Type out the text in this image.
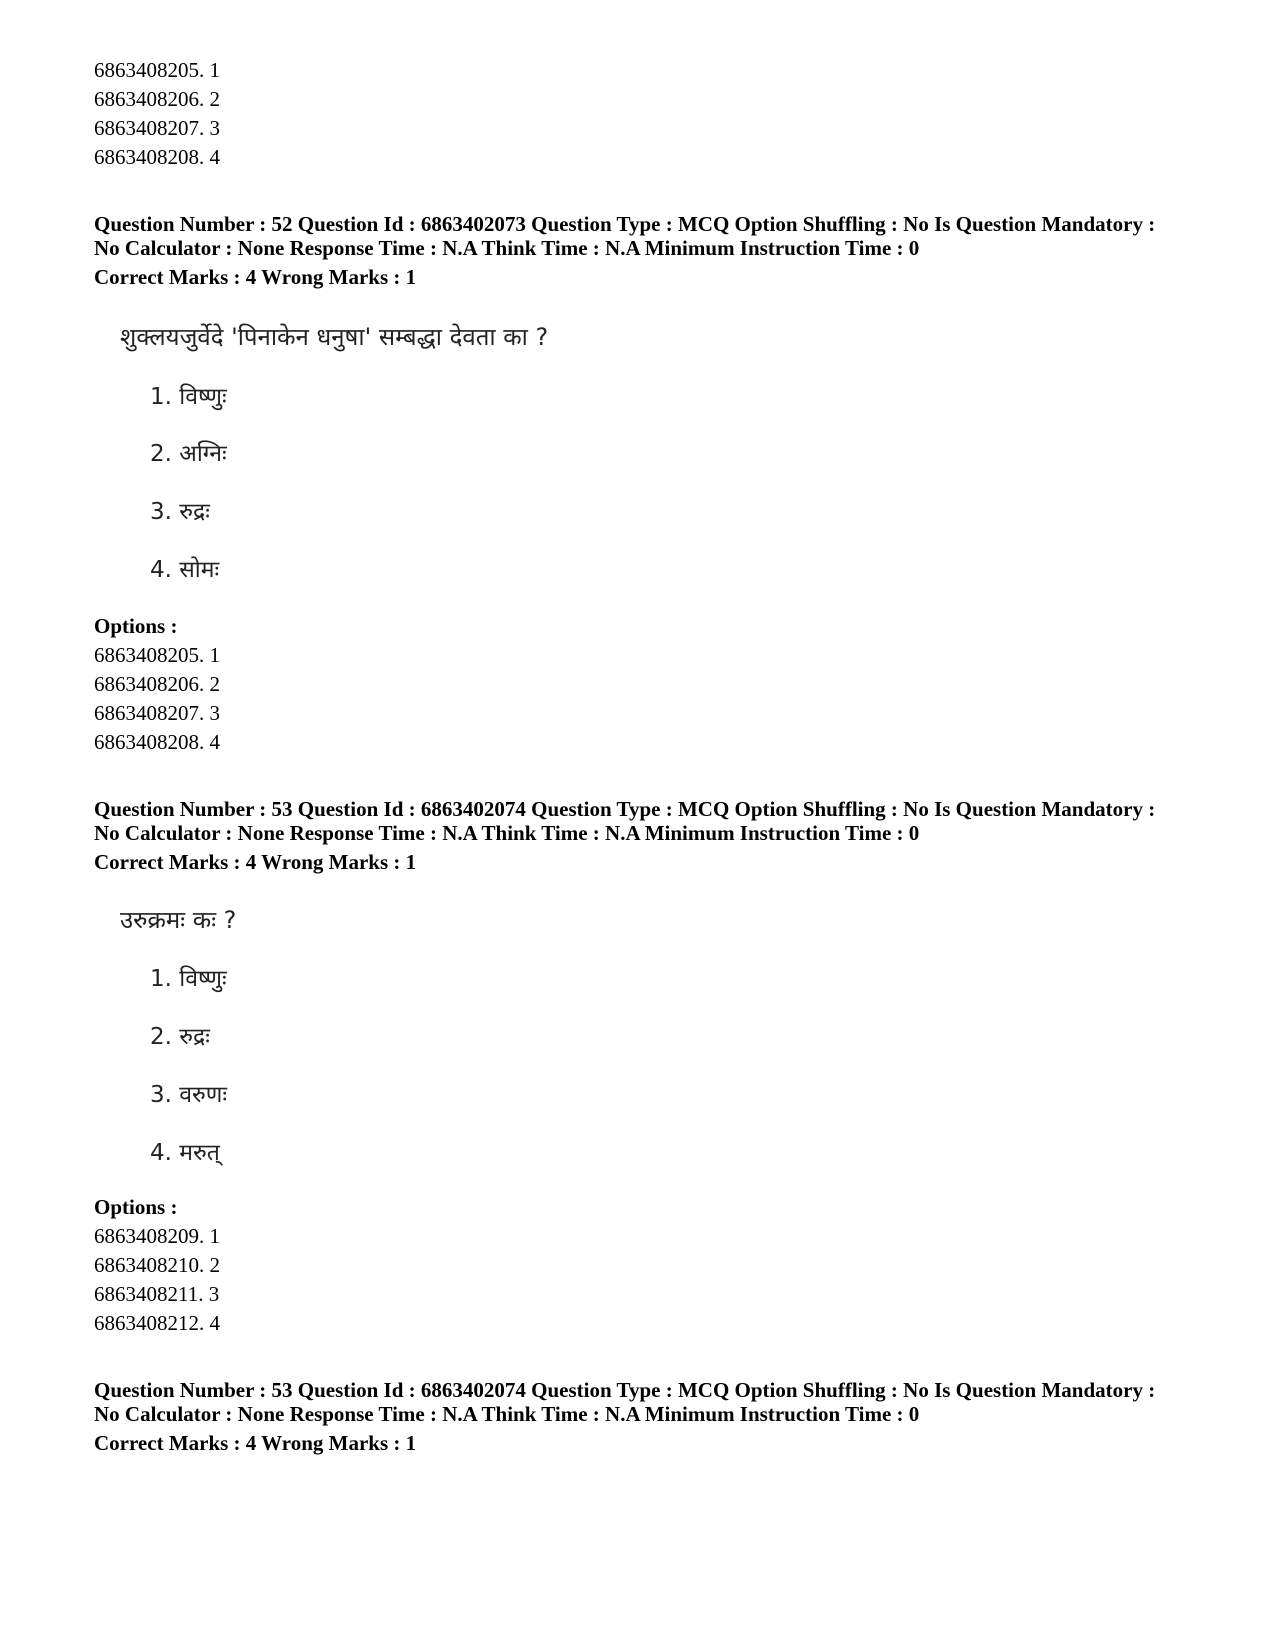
6863408205. 1
6863408206. 2
6863408207. 3
6863408208. 4
Question Number : 52 Question Id : 6863402073 Question Type : MCQ Option Shuffling : No Is Question Mandatory :
No Calculator : None Response Time : N.A Think Time : N.A Minimum Instruction Time : 0
Correct Marks : 4 Wrong Marks : 1
शुक्लयजुर्वेदे 'पिनाकेन धनुषा' सम्बद्धा देवता का ?
1. विष्णुः
2. अग्निः
3. रुद्रः
4. सोमः
Options :
6863408205. 1
6863408206. 2
6863408207. 3
6863408208. 4
Question Number : 53 Question Id : 6863402074 Question Type : MCQ Option Shuffling : No Is Question Mandatory :
No Calculator : None Response Time : N.A Think Time : N.A Minimum Instruction Time : 0
Correct Marks : 4 Wrong Marks : 1
उरुक्रमः कः ?
1. विष्णुः
2. रुद्रः
3. वरुणः
4. मरुत्
Options :
6863408209. 1
6863408210. 2
6863408211. 3
6863408212. 4
Question Number : 53 Question Id : 6863402074 Question Type : MCQ Option Shuffling : No Is Question Mandatory :
No Calculator : None Response Time : N.A Think Time : N.A Minimum Instruction Time : 0
Correct Marks : 4 Wrong Marks : 1
